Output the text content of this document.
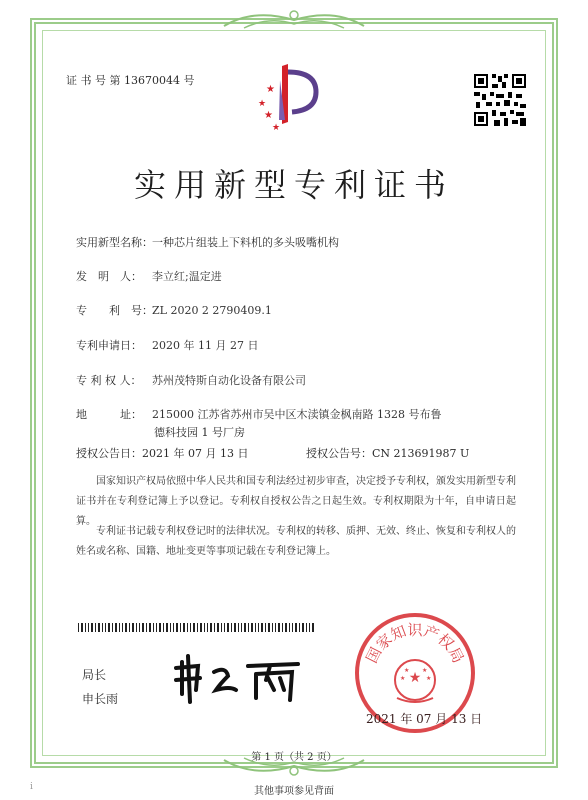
证 书 号 第 13670044 号
★
★
★
★
实用新型专利证书
实用新型名称：一种芯片组装上下料机的多头吸嘴机构
发　明　人： 李立红;温定进
专　　利　号：ZL 2020 2 2790409.1
专利申请日： 2020 年 11 月 27 日
专 利 权 人： 苏州茂特斯自动化设备有限公司
地　　　址： 215000 江苏省苏州市吴中区木渎镇金枫南路 1328 号布鲁
德科技园 1 号厂房
授权公告日：2021 年 07 月 13 日	授权公告号：CN 213691987 U
国家知识产权局依照中华人民共和国专利法经过初步审查，决定授予专利权，颁发实用新型专利证书并在专利登记簿上予以登记。专利权自授权公告之日起生效。专利权期限为十年，自申请日起算。
专利证书记载专利权登记时的法律状况。专利权的转移、质押、无效、终止、恢复和专利权人的姓名或名称、国籍、地址变更等事项记载在专利登记簿上。
局长
申长雨
国家知识产权局
★
★ ★
★	★
2021 年 07 月 13 日
第 1 页（共 2 页）
其他事项参见背面
ⅰ
